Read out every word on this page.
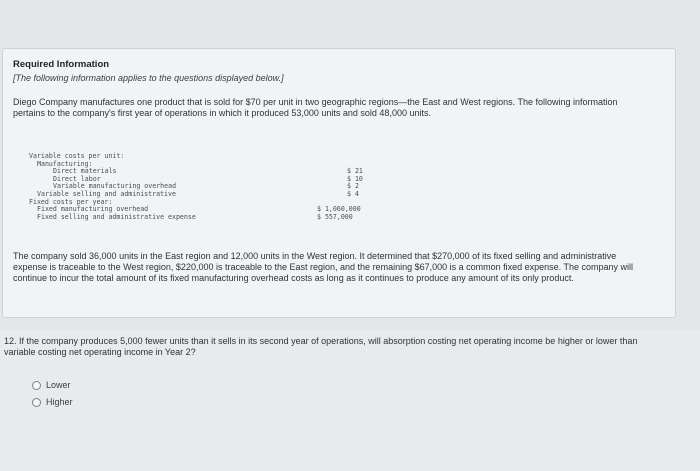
Required Information
[The following information applies to the questions displayed below.]
Diego Company manufactures one product that is sold for $70 per unit in two geographic regions—the East and West regions. The following information pertains to the company's first year of operations in which it produced 53,000 units and sold 48,000 units.
Variable costs per unit:
Manufacturing:
Direct materials	$ 21
Direct labor	$ 10
Variable manufacturing overhead	$ 2
Variable selling and administrative	$ 4
Fixed costs per year:
Fixed manufacturing overhead	$ 1,060,000
Fixed selling and administrative expense	$ 557,000
The company sold 36,000 units in the East region and 12,000 units in the West region. It determined that $270,000 of its fixed selling and administrative expense is traceable to the West region, $220,000 is traceable to the East region, and the remaining $67,000 is a common fixed expense. The company will continue to incur the total amount of its fixed manufacturing overhead costs as long as it continues to produce any amount of its only product.
12. If the company produces 5,000 fewer units than it sells in its second year of operations, will absorption costing net operating income be higher or lower than variable costing net operating income in Year 2?
Lower
Higher
